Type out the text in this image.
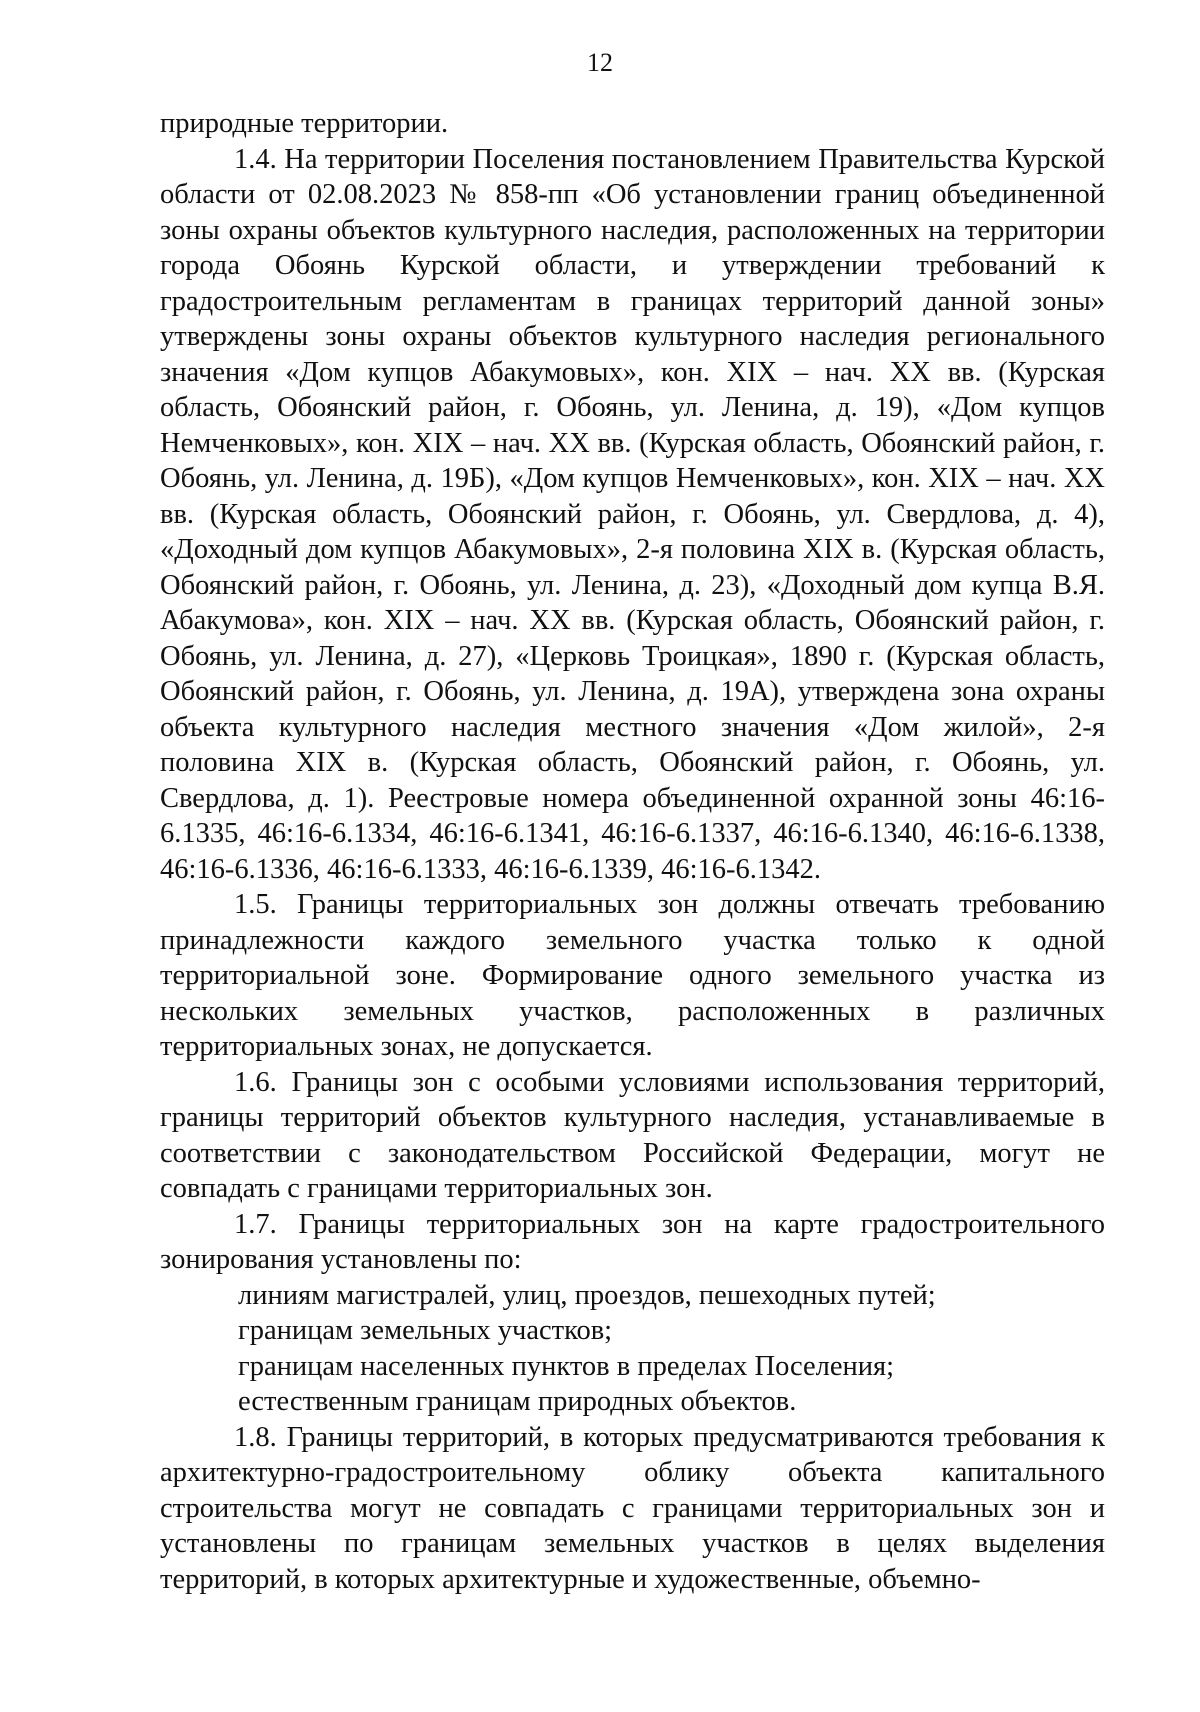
12

природные территории.

1.4. На территории Поселения постановлением Правительства Курской области от 02.08.2023 № 858-пп «Об установлении границ объединенной зоны охраны объектов культурного наследия, расположенных на территории города Обоянь Курской области, и утверждении требований к градостроительным регламентам в границах территорий данной зоны» утверждены зоны охраны объектов культурного наследия регионального значения «Дом купцов Абакумовых», кон. XIX – нач. XX вв. (Курская область, Обоянский район, г. Обоянь, ул. Ленина, д. 19), «Дом купцов Немченковых», кон. XIX – нач. XX вв. (Курская область, Обоянский район, г. Обоянь, ул. Ленина, д. 19Б), «Дом купцов Немченковых», кон. XIX – нач. XX вв. (Курская область, Обоянский район, г. Обоянь, ул. Свердлова, д. 4), «Доходный дом купцов Абакумовых», 2-я половина XIX в. (Курская область, Обоянский район, г. Обоянь, ул. Ленина, д. 23), «Доходный дом купца В.Я. Абакумова», кон. XIX – нач. XX вв. (Курская область, Обоянский район, г. Обоянь, ул. Ленина, д. 27), «Церковь Троицкая», 1890 г. (Курская область, Обоянский район, г. Обоянь, ул. Ленина, д. 19А), утверждена зона охраны объекта культурного наследия местного значения «Дом жилой», 2-я половина XIX в. (Курская область, Обоянский район, г. Обоянь, ул. Свердлова, д. 1). Реестровые номера объединенной охранной зоны 46:16-6.1335, 46:16-6.1334, 46:16-6.1341, 46:16-6.1337, 46:16-6.1340, 46:16-6.1338, 46:16-6.1336, 46:16-6.1333, 46:16-6.1339, 46:16-6.1342.

1.5. Границы территориальных зон должны отвечать требованию принадлежности каждого земельного участка только к одной территориальной зоне. Формирование одного земельного участка из нескольких земельных участков, расположенных в различных территориальных зонах, не допускается.

1.6. Границы зон с особыми условиями использования территорий, границы территорий объектов культурного наследия, устанавливаемые в соответствии с законодательством Российской Федерации, могут не совпадать с границами территориальных зон.

1.7. Границы территориальных зон на карте градостроительного зонирования установлены по:

линиям магистралей, улиц, проездов, пешеходных путей;

границам земельных участков;

границам населенных пунктов в пределах Поселения;

естественным границам природных объектов.

1.8. Границы территорий, в которых предусматриваются требования к архитектурно-градостроительному облику объекта капитального строительства могут не совпадать с границами территориальных зон и установлены по границам земельных участков в целях выделения территорий, в которых архитектурные и художественные, объемно-
